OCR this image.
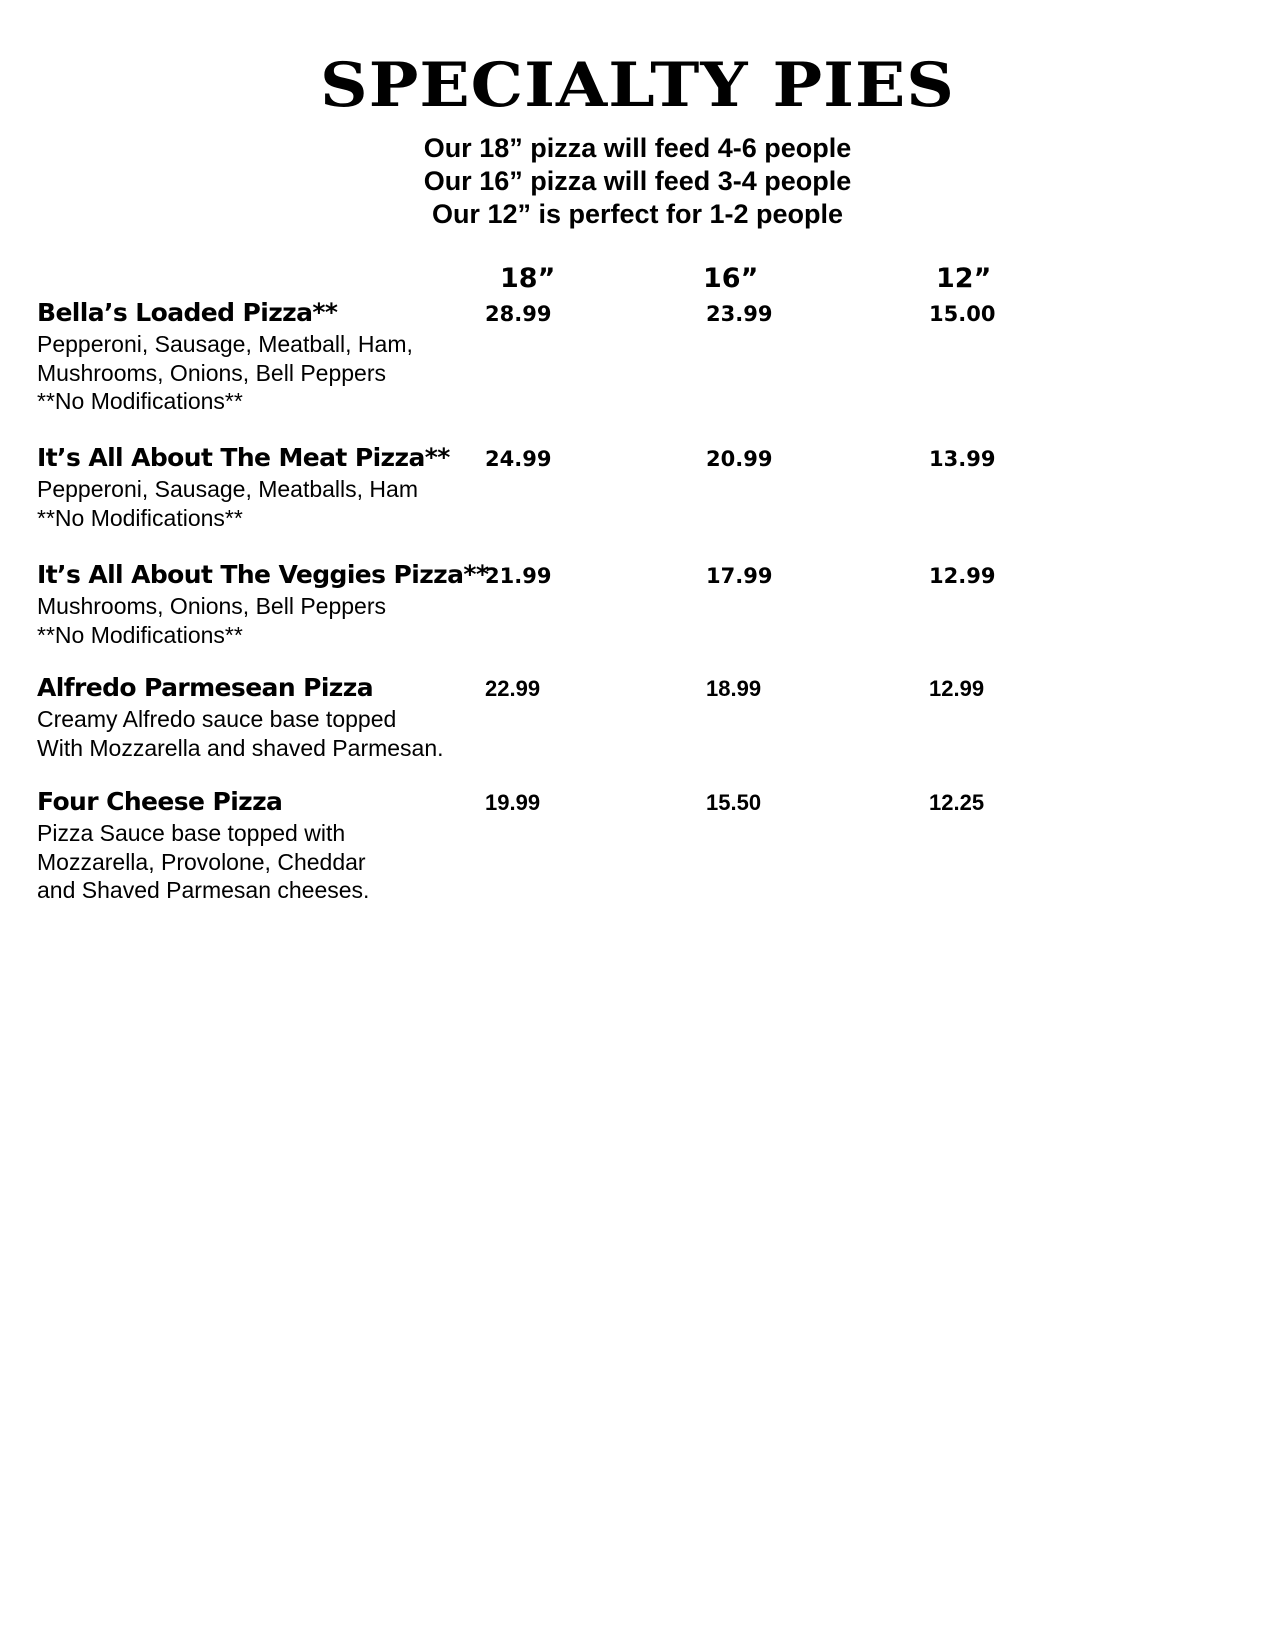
SPECIALTY PIES
Our 18” pizza will feed 4-6 people
Our 16” pizza will feed 3-4 people
Our 12” is perfect for 1-2 people
18”	16”	12”
Bella’s Loaded Pizza**
Pepperoni, Sausage, Meatball, Ham,
Mushrooms, Onions, Bell Peppers
**No Modifications**
28.99	23.99	15.00
It’s All About The Meat Pizza**
Pepperoni, Sausage, Meatballs, Ham
**No Modifications**
24.99	20.99	13.99
It’s All About The Veggies Pizza**
Mushrooms, Onions, Bell Peppers
**No Modifications**
21.99	17.99	12.99
Alfredo Parmesean Pizza
Creamy Alfredo sauce base topped
With Mozzarella and shaved Parmesan.
22.99	18.99	12.99
Four Cheese Pizza
Pizza Sauce base topped with
Mozzarella, Provolone, Cheddar
and Shaved Parmesan cheeses.
19.99	15.50	12.25
